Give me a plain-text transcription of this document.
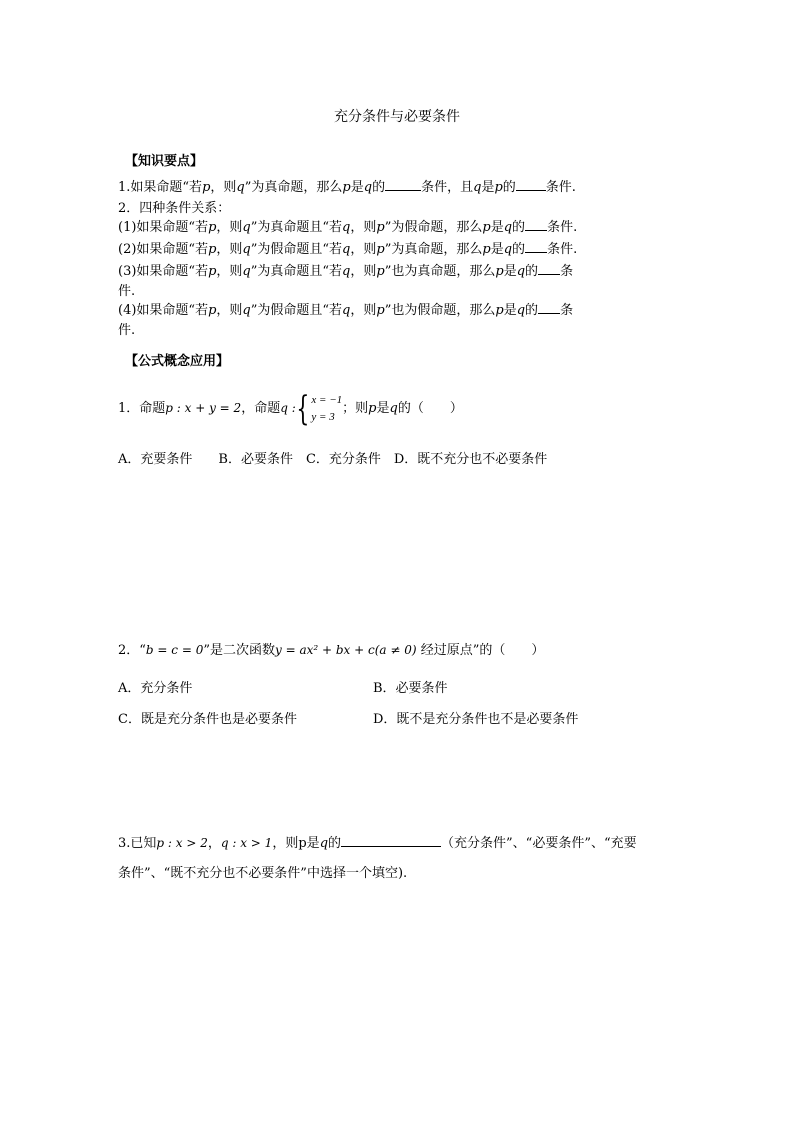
充分条件与必要条件
【知识要点】
1.如果命题“若p，则q”为真命题，那么p是q的	条件，且q是p的 条件.
2．四种条件关系：
(1)如果命题“若p，则q”为真命题且“若q，则p”为假命题，那么p是q的 条件.
(2)如果命题“若p，则q”为假命题且“若q，则p”为真命题，那么p是q的 条件.
(3)如果命题“若p，则q”为真命题且“若q，则p”也为真命题，那么p是q的 条
件.
(4)如果命题“若p，则q”为假命题且“若q，则p”也为假命题，那么p是q的 条
件.
【公式概念应用】
1．命题p : x + y = 2，命题q :{ x = −1
y = 3；则p是q的（　　）
A．充要条件　　B．必要条件　C．充分条件　D．既不充分也不必要条件
2．“b = c = 0”是二次函数y = ax² + bx + c(a ≠ 0) 经过原点”的（　　）
A．充分条件	B．必要条件
C．既是充分条件也是必要条件	D．既不是充分条件也不是必要条件
3.已知p : x > 2，q : x > 1，则p是q的	（充分条件”、“必要条件”、“充要
条件”、“既不充分也不必要条件”中选择一个填空).
